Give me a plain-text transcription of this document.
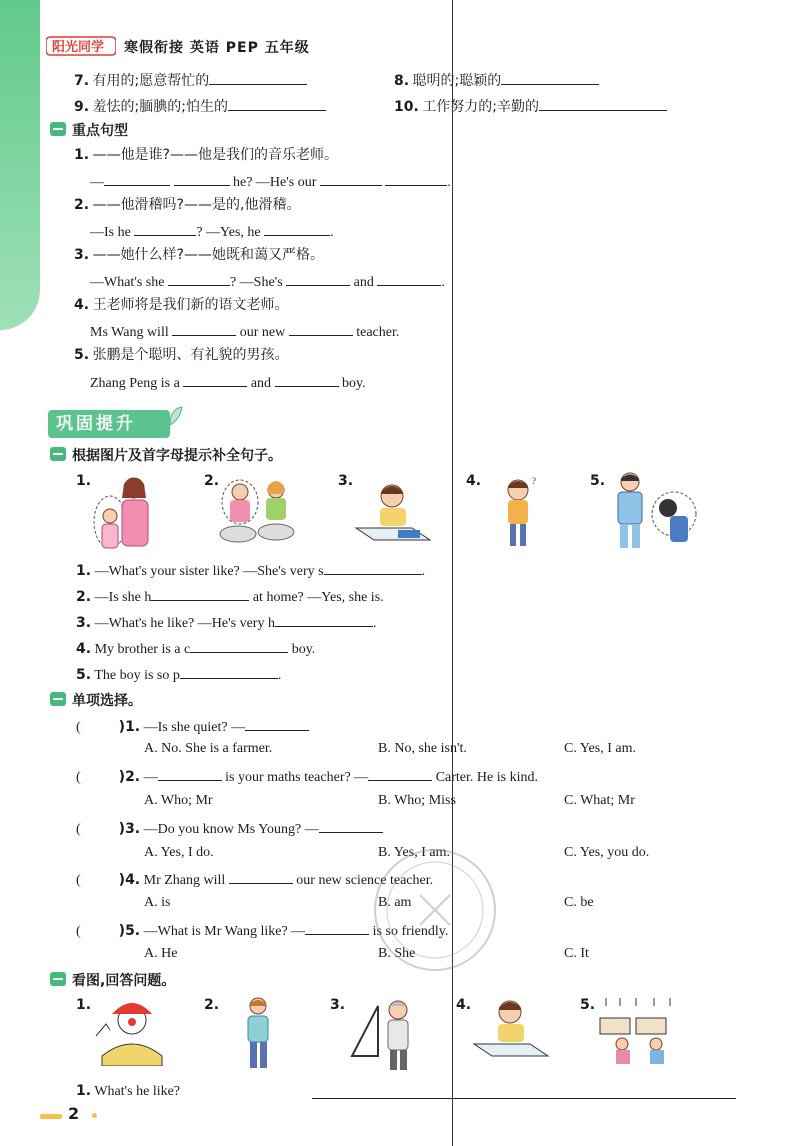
阳光同学 寒假衔接 英语 PEP 五年级
7. 有用的;愿意帮忙的	8. 聪明的;聪颖的
9. 羞怯的;腼腆的;怕生的	10. 工作努力的;辛勤的
重点句型
1. ——他是谁?——他是我们的音乐老师。
—	he? —He's our	.
2. ——他滑稽吗?——是的,他滑稽。
—Is he	? —Yes, he	.
3. ——她什么样?——她既和蔼又严格。
—What's she	? —She's	and	.
4. 王老师将是我们新的语文老师。
Ms Wang will	our new	teacher.
5. 张鹏是个聪明、有礼貌的男孩。
Zhang Peng is a	and	boy.
巩固提升
根据图片及首字母提示补全句子。
1.	2.	3.	4.	5.
?
1. —What's your sister like? —She's very s	.
2. —Is she h	at home? —Yes, she is.
3. —What's he like? —He's very h	.
4. My brother is a c	boy.
5. The boy is so p	.
单项选择。
(	)1. —Is she quiet? —
A. No. She is a farmer.	B. No, she isn't.	C. Yes, I am.
(	)2. —	is your maths teacher? —	Carter. He is kind.
A. Who; Mr	B. Who; Miss	C. What; Mr
(	)3. —Do you know Ms Young? —
A. Yes, I do.	B. Yes, I am.	C. Yes, you do.
(	)4. Mr Zhang will	our new science teacher.
A. is	B. am	C. be
(	)5. —What is Mr Wang like? —	is so friendly.
A. He	B. She	C. It
看图,回答问题。
1.	2.	3.	4.	5.
1. What's he like?
2
